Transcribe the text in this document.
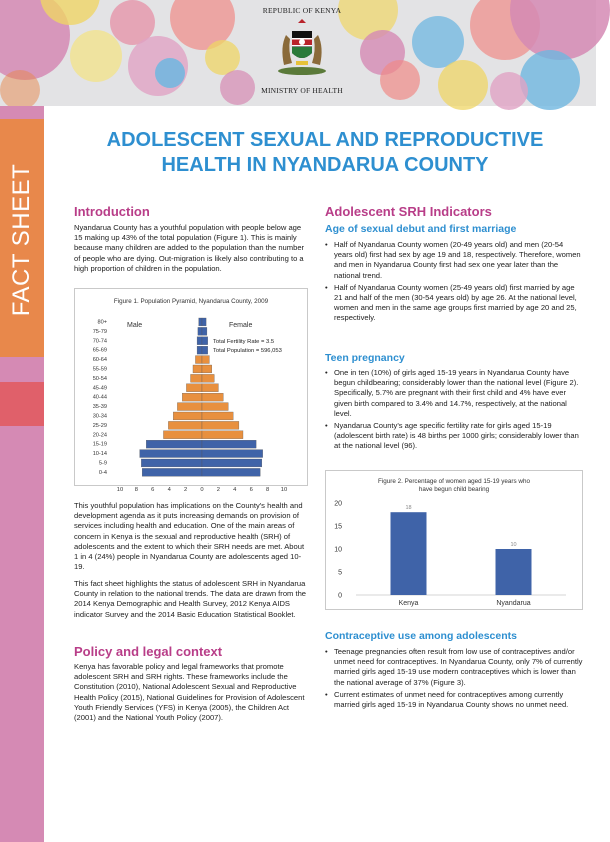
REPUBLIC OF KENYA
MINISTRY OF HEALTH
FACT SHEET
ADOLESCENT SEXUAL AND REPRODUCTIVE
HEALTH IN NYANDARUA COUNTY
Introduction
Nyandarua County has a youthful population with people below age 15 making up 43% of the total population (Figure 1). This is mainly because many children are added to the population than the number of people who are dying. Out-migration is likely also contributing to a high proportion of children in the population.
Figure 1. Population Pyramid, Nyandarua County, 2009
Male	Female
80+
75-79
70-74
65-69
60-64
55-59
50-54
45-49
40-44
35-39
30-34
25-29
20-24
15-19
10-14
5-9
0-4
Total Fertility Rate = 3.5
Total Population = 596,053
10 8 6 4 2 0 2 4 6 8 10
This youthful population has implications on the County's health and development agenda as it puts increasing demands on provision of services including health and education. One of the main areas of concern in Kenya is the sexual and reproductive health (SRH) of adolescents and the extent to which their SRH needs are met. About 1 in 4 (24%) people in Nyandarua County are adolescents aged 10-19.
This fact sheet highlights the status of adolescent SRH in Nyandarua County in relation to the national trends. The data are drawn from the 2014 Kenya Demographic and Health Survey, 2012 Kenya AIDS indicator Survey and the 2014 Basic Education Statistical Booklet.
Policy and legal context
Kenya has favorable policy and legal frameworks that promote adolescent SRH and SRH rights. These frameworks include the Constitution (2010), National Adolescent Sexual and Reproductive Health Policy (2015), National Guidelines for Provision of Adolescent Youth Friendly Services (YFS) in Kenya (2005), the Children Act (2001) and the National Youth Policy (2007).
Adolescent SRH Indicators
Age of sexual debut and first marriage
• Half of Nyandarua County women (20-49 years old) and men (20-54 years old) first had sex by age 19 and 18, respectively. Therefore, women and men in Nyandarua County first had sex one year later than the national trend.
• Half of Nyandarua County women (25-49 years old) first married by age 21 and half of the men (30-54 years old) by age 26. At the national level, women and men in the same age groups first married by age 20 and 25, respectively.
Teen pregnancy
• One in ten (10%) of girls aged 15-19 years in Nyandarua County have begun childbearing; considerably lower than the national level (Figure 2). Specifically, 5.7% are pregnant with their first child and 4% have ever given birth compared to 3.4% and 14.7%, respectively, at the national level.
• Nyandarua County's age specific fertility rate for girls aged 15-19 (adolescent birth rate) is 48 births per 1000 girls; considerably lower than at the national level (96).
Figure 2. Percentage of women aged 15-19 years who
have begun child bearing
0
5
10
15
20
18
Kenya
10
Nyandarua
Contraceptive use among adolescents
• Teenage pregnancies often result from low use of contraceptives and/or unmet need for contraceptives. In Nyandarua County, only 7% of currently married girls aged 15-19 use modern contraceptives which is lower than the national average of 37% (Figure 3).
• Current estimates of unmet need for contraceptives among currently married girls aged 15-19 in Nyandarua County shows no unmet need.
